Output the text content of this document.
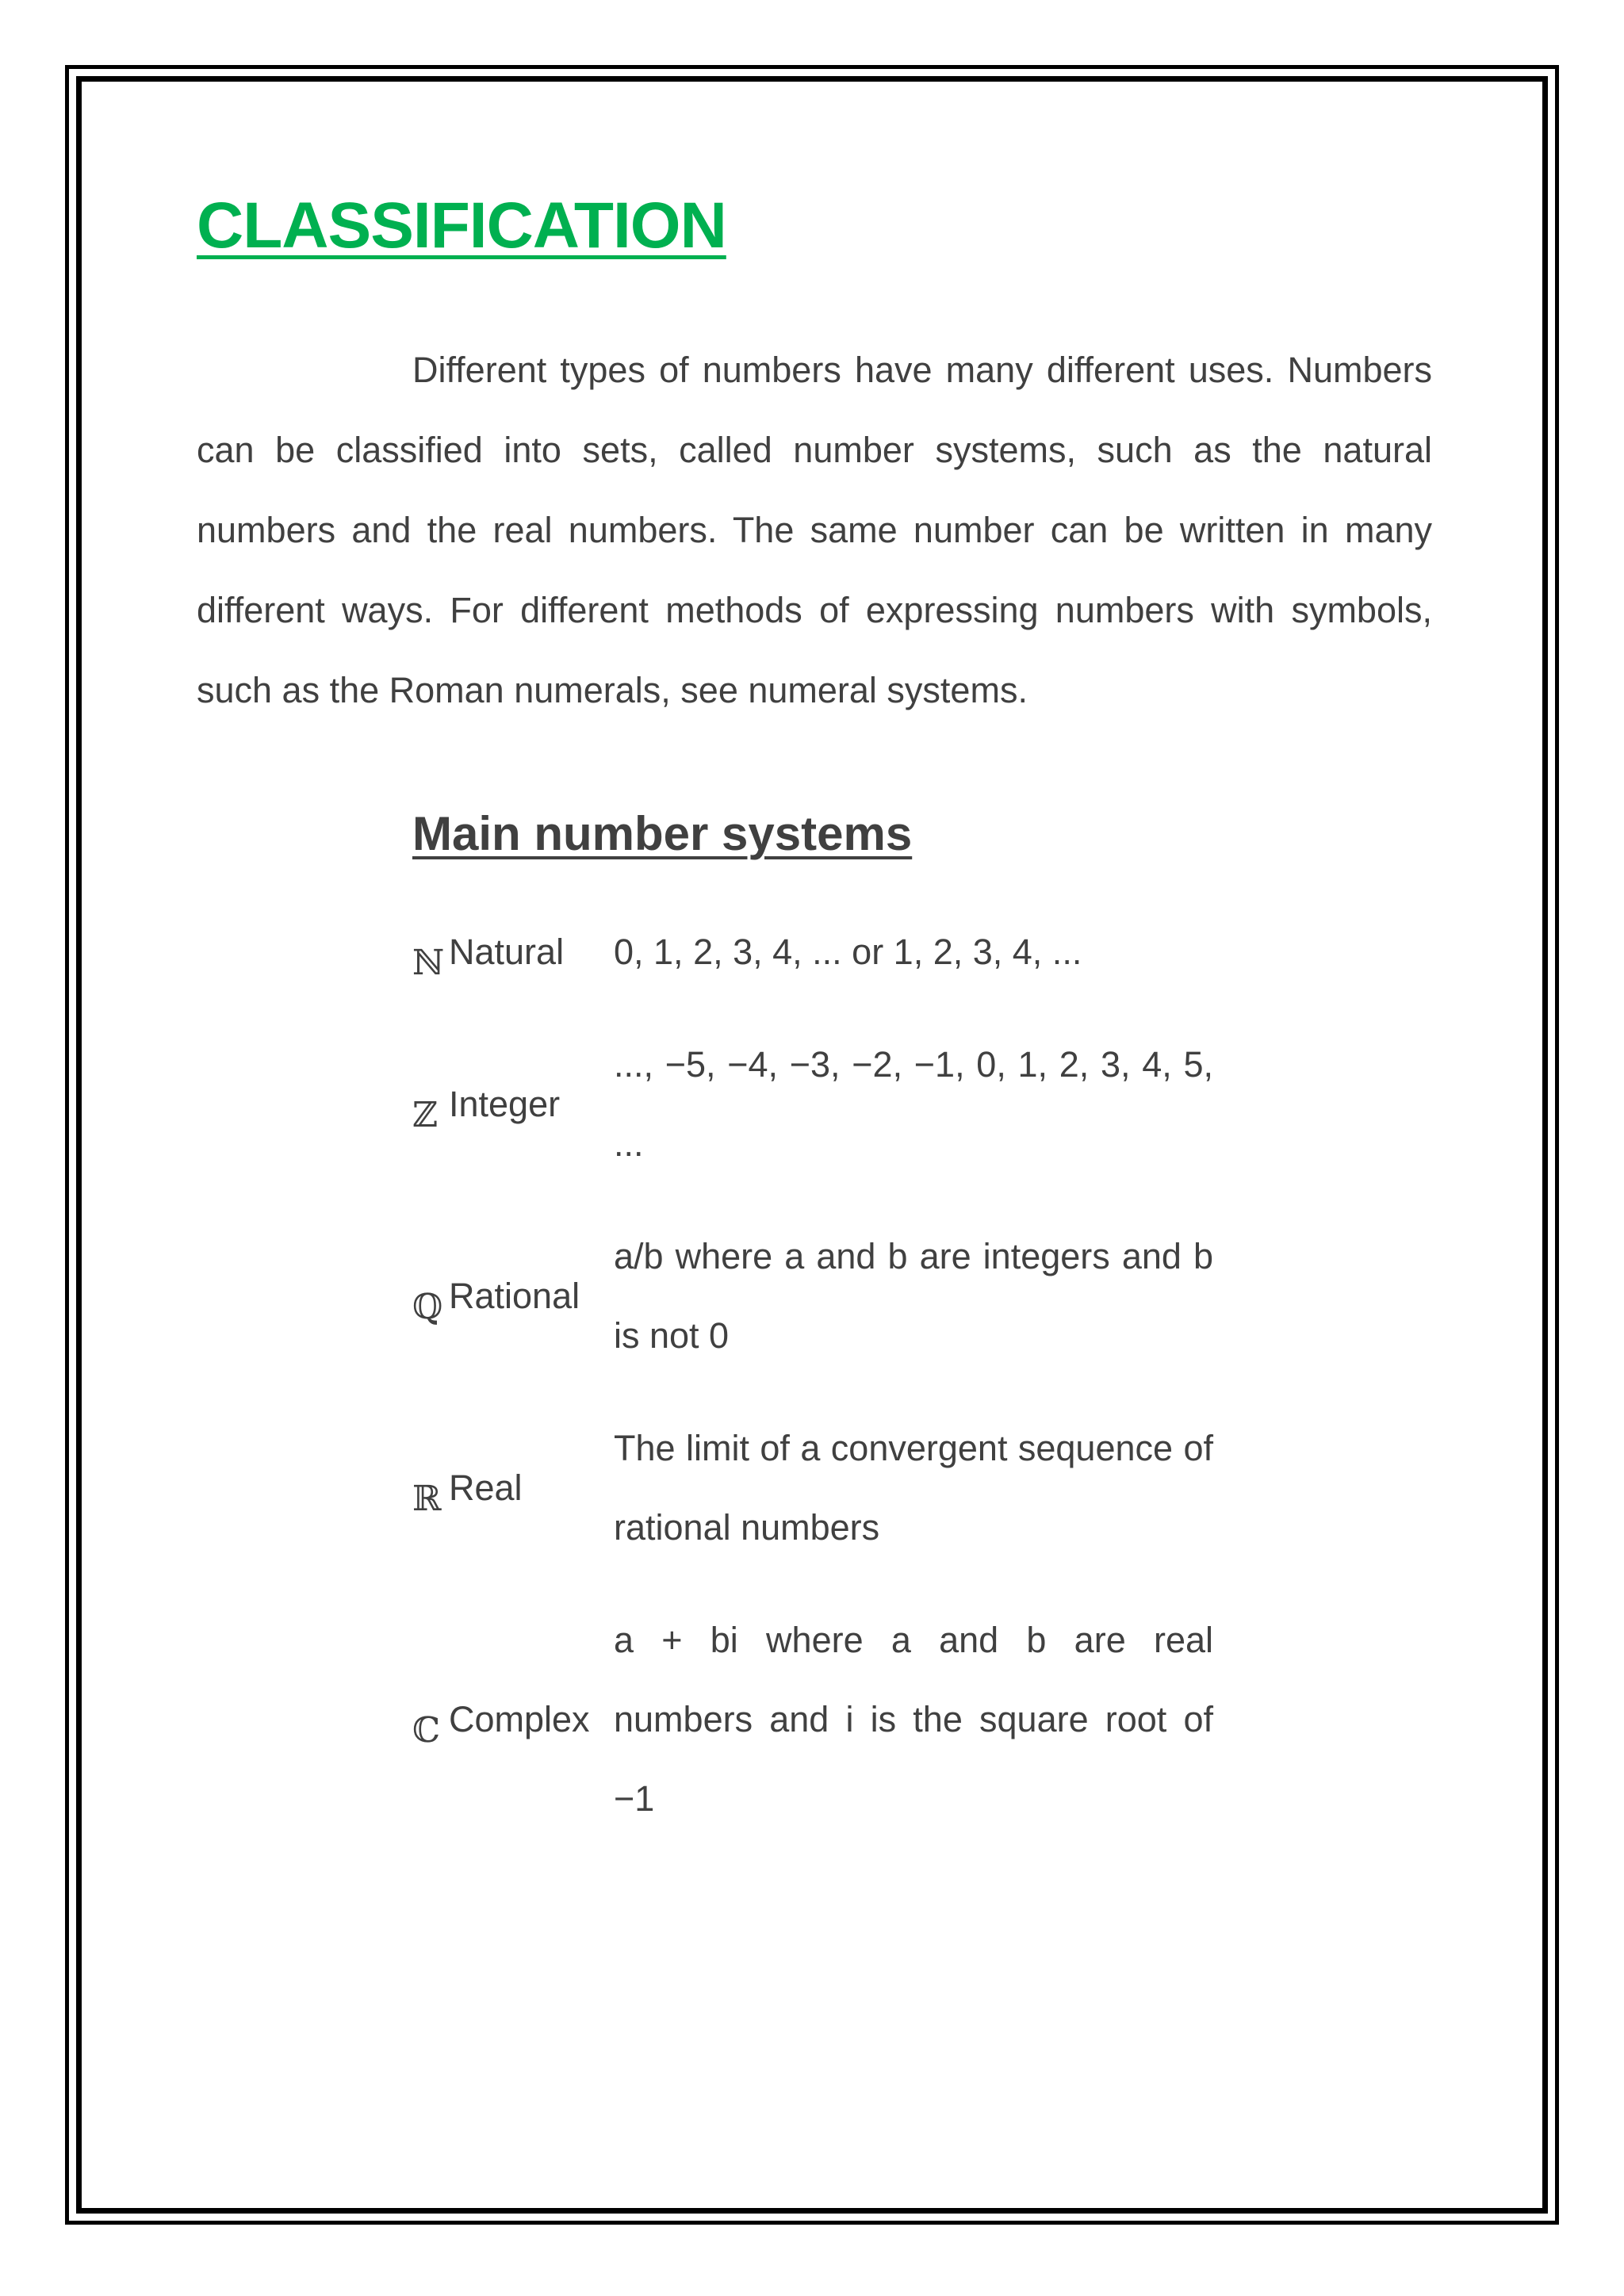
CLASSIFICATION

Different types of numbers have many different uses. Numbers can be classified into sets, called number systems, such as the natural numbers and the real numbers. The same number can be written in many different ways. For different methods of expressing numbers with symbols, such as the Roman numerals, see numeral systems.

Main number systems
ℕ Natural	0, 1, 2, 3, 4, ... or 1, 2, 3, 4, ...
ℤ Integer
..., −5, −4, −3, −2, −1, 0, 1, 2, 3, 4, 5, ...
ℚ Rational
a/b where a and b are integers and b is not 0
ℝ Real
The limit of a convergent sequence of rational numbers
ℂ Complex
a + bi where a and b are real numbers and i is the square root of −1
